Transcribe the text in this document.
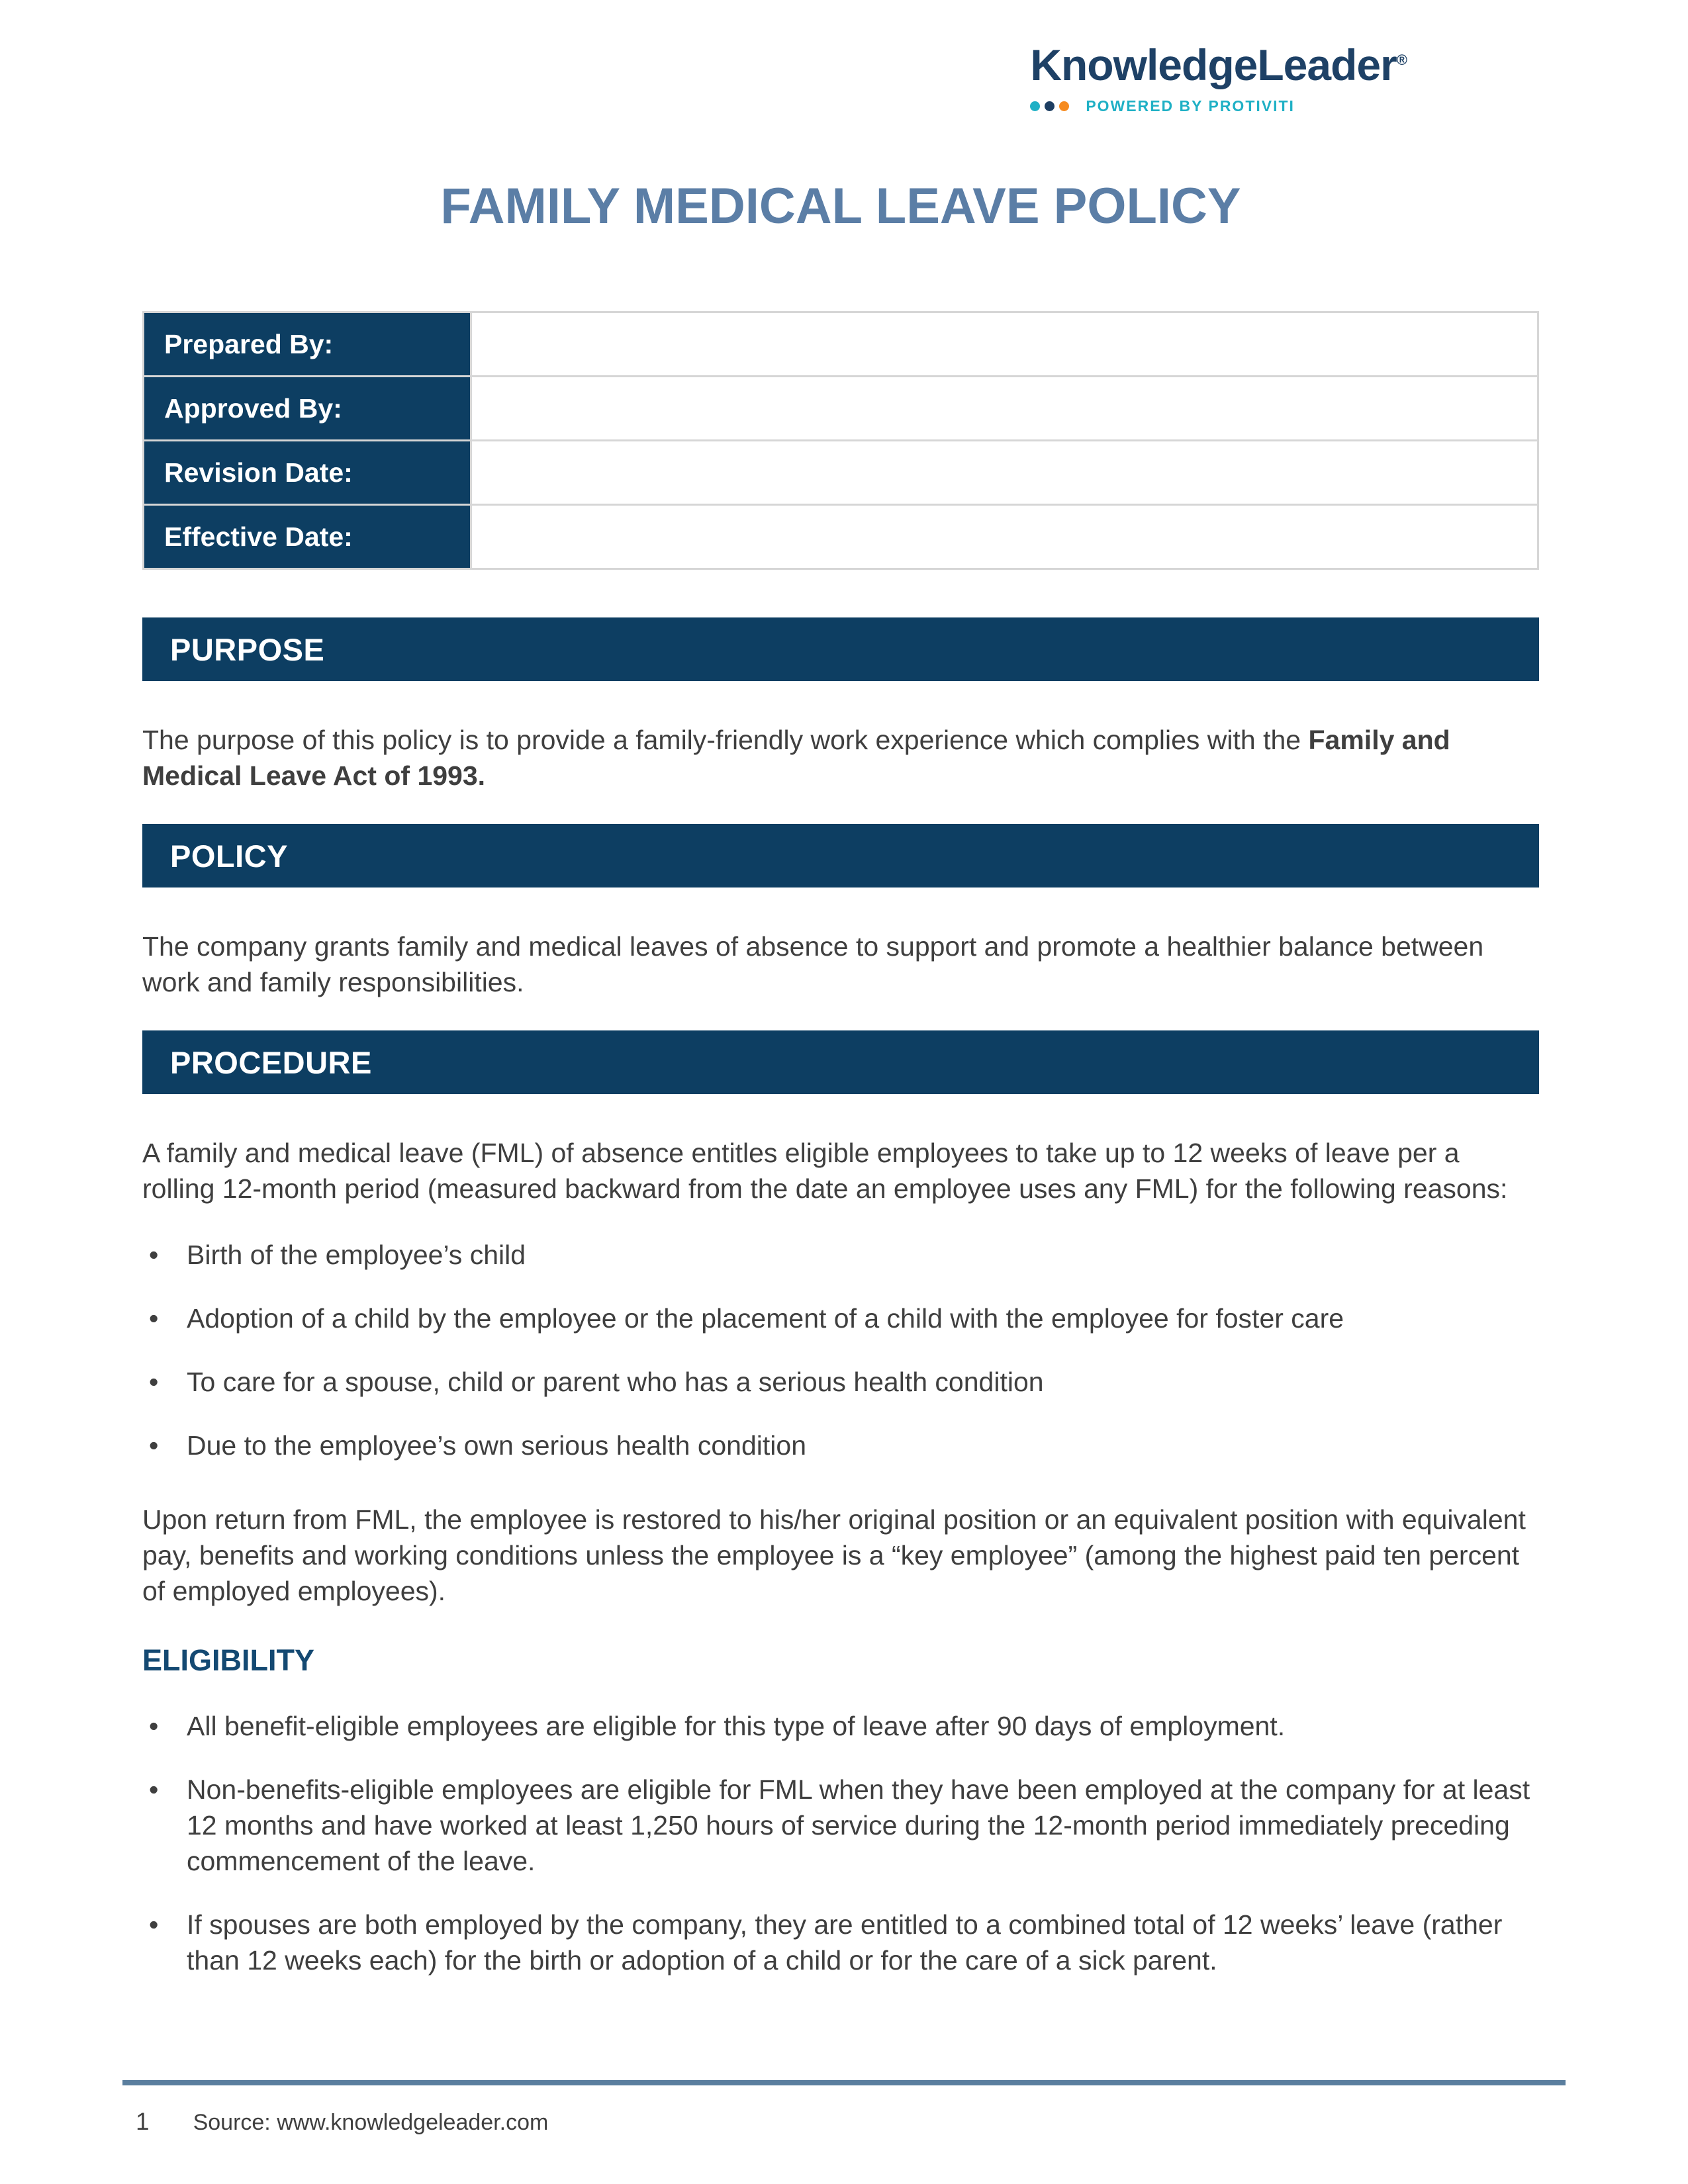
KnowledgeLeader®
POWERED BY PROTIVITI
FAMILY MEDICAL LEAVE POLICY
Prepared By:	
Approved By:	
Revision Date:	
Effective Date:	
PURPOSE

The purpose of this policy is to provide a family-friendly work experience which complies with the Family and Medical Leave Act of 1993.

POLICY

The company grants family and medical leaves of absence to support and promote a healthier balance between work and family responsibilities.

PROCEDURE

A family and medical leave (FML) of absence entitles eligible employees to take up to 12 weeks of leave per a rolling 12-month period (measured backward from the date an employee uses any FML) for the following reasons:

• Birth of the employee’s child
• Adoption of a child by the employee or the placement of a child with the employee for foster care
• To care for a spouse, child or parent who has a serious health condition
• Due to the employee’s own serious health condition

Upon return from FML, the employee is restored to his/her original position or an equivalent position with equivalent pay, benefits and working conditions unless the employee is a “key employee” (among the highest paid ten percent of employed employees).

ELIGIBILITY
• All benefit-eligible employees are eligible for this type of leave after 90 days of employment.
• Non-benefits-eligible employees are eligible for FML when they have been employed at the company for at least 12 months and have worked at least 1,250 hours of service during the 12-month period immediately preceding commencement of the leave.
• If spouses are both employed by the company, they are entitled to a combined total of 12 weeks’ leave (rather than 12 weeks each) for the birth or adoption of a child or for the care of a sick parent.
1 Source: www.knowledgeleader.com
